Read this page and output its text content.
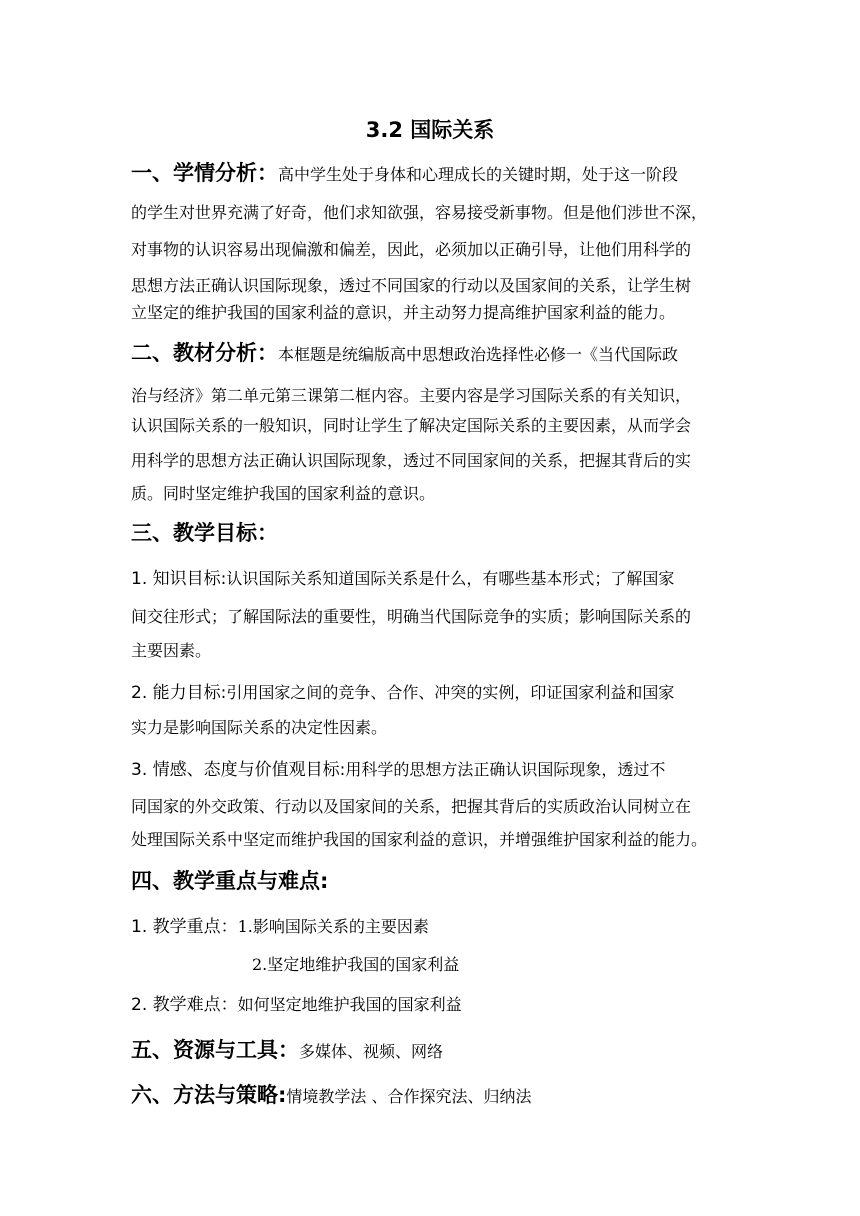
3.2 国际关系
一、学情分析：高中学生处于身体和心理成长的关键时期，处于这一阶段
的学生对世界充满了好奇，他们求知欲强，容易接受新事物。但是他们涉世不深，
对事物的认识容易出现偏激和偏差，因此，必须加以正确引导，让他们用科学的
思想方法正确认识国际现象，透过不同国家的行动以及国家间的关系，让学生树
立坚定的维护我国的国家利益的意识，并主动努力提高维护国家利益的能力。
二、教材分析：本框题是统编版高中思想政治选择性必修一《当代国际政
治与经济》第二单元第三课第二框内容。主要内容是学习国际关系的有关知识，
认识国际关系的一般知识，同时让学生了解决定国际关系的主要因素，从而学会
用科学的思想方法正确认识国际现象，透过不同国家间的关系，把握其背后的实
质。同时坚定维护我国的国家利益的意识。
三、教学目标：
1. 知识目标:认识国际关系知道国际关系是什么，有哪些基本形式；了解国家
间交往形式；了解国际法的重要性，明确当代国际竞争的实质；影响国际关系的
主要因素。
2. 能力目标:引用国家之间的竞争、合作、冲突的实例，印证国家利益和国家
实力是影响国际关系的决定性因素。
3. 情感、态度与价值观目标:用科学的思想方法正确认识国际现象，透过不
同国家的外交政策、行动以及国家间的关系，把握其背后的实质政治认同树立在
处理国际关系中坚定而维护我国的国家利益的意识，并增强维护国家利益的能力。
四、教学重点与难点:
1. 教学重点：1.影响国际关系的主要因素
2.坚定地维护我国的国家利益
2. 教学难点：如何坚定地维护我国的国家利益
五、资源与工具：多媒体、视频、网络
六、方法与策略:情境教学法 、合作探究法、归纳法
